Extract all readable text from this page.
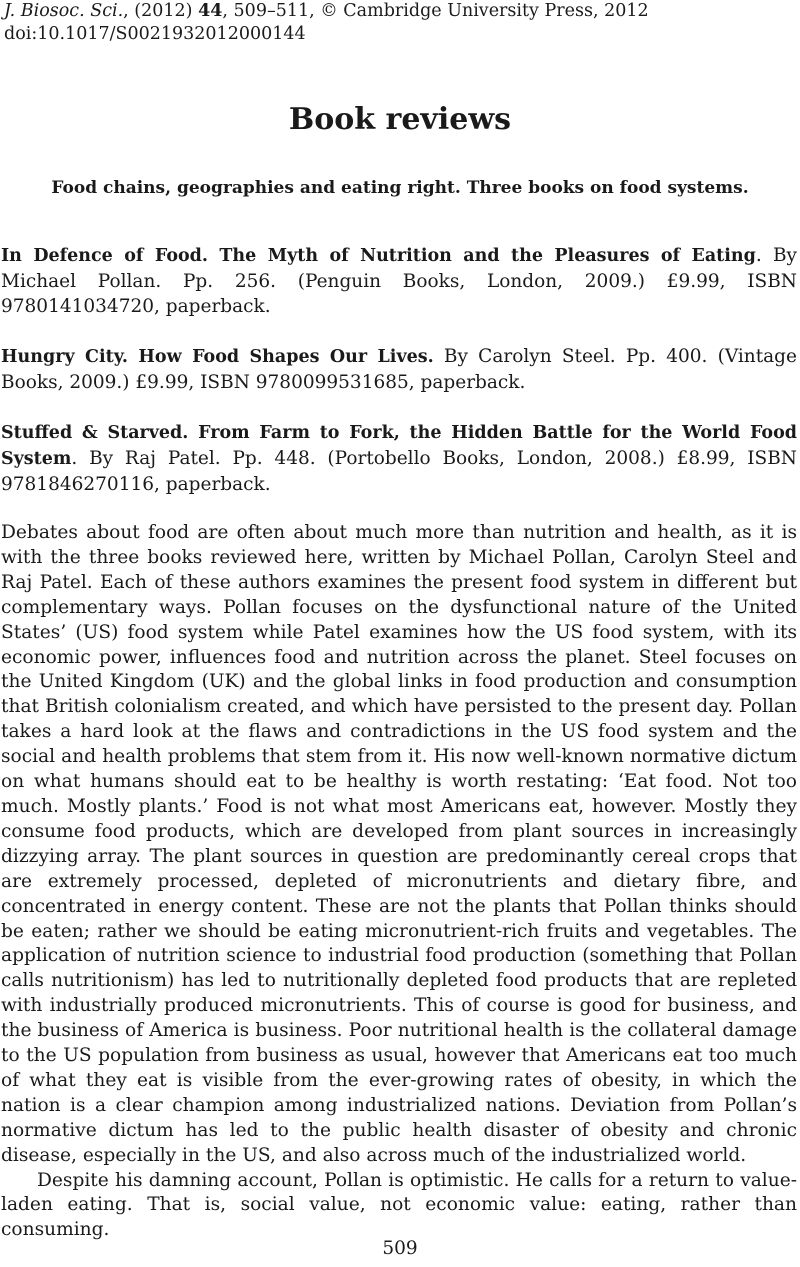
J. Biosoc. Sci., (2012) 44, 509–511, © Cambridge University Press, 2012
doi:10.1017/S0021932012000144
Book reviews
Food chains, geographies and eating right. Three books on food systems.
In Defence of Food. The Myth of Nutrition and the Pleasures of Eating. By Michael Pollan. Pp. 256. (Penguin Books, London, 2009.) £9.99, ISBN 9780141034720, paperback.
Hungry City. How Food Shapes Our Lives. By Carolyn Steel. Pp. 400. (Vintage Books, 2009.) £9.99, ISBN 9780099531685, paperback.
Stuffed & Starved. From Farm to Fork, the Hidden Battle for the World Food System. By Raj Patel. Pp. 448. (Portobello Books, London, 2008.) £8.99, ISBN 9781846270116, paperback.

Debates about food are often about much more than nutrition and health, as it is with the three books reviewed here, written by Michael Pollan, Carolyn Steel and Raj Patel. Each of these authors examines the present food system in different but complementary ways. Pollan focuses on the dysfunctional nature of the United States’ (US) food system while Patel examines how the US food system, with its economic power, influences food and nutrition across the planet. Steel focuses on the United Kingdom (UK) and the global links in food production and consumption that British colonialism created, and which have persisted to the present day. Pollan takes a hard look at the flaws and contradictions in the US food system and the social and health problems that stem from it. His now well-known normative dictum on what humans should eat to be healthy is worth restating: ‘Eat food. Not too much. Mostly plants.’ Food is not what most Americans eat, however. Mostly they consume food products, which are developed from plant sources in increasingly dizzying array. The plant sources in question are predominantly cereal crops that are extremely processed, depleted of micronutrients and dietary fibre, and concentrated in energy content. These are not the plants that Pollan thinks should be eaten; rather we should be eating micronutrient-rich fruits and vegetables. The application of nutrition science to industrial food production (something that Pollan calls nutritionism) has led to nutritionally depleted food products that are repleted with industrially produced micronutrients. This of course is good for business, and the business of America is business. Poor nutritional health is the collateral damage to the US population from business as usual, however that Americans eat too much of what they eat is visible from the ever-growing rates of obesity, in which the nation is a clear champion among industrialized nations. Deviation from Pollan’s normative dictum has led to the public health disaster of obesity and chronic disease, especially in the US, and also across much of the industrialized world.

Despite his damning account, Pollan is optimistic. He calls for a return to value-laden eating. That is, social value, not economic value: eating, rather than consuming.

509
